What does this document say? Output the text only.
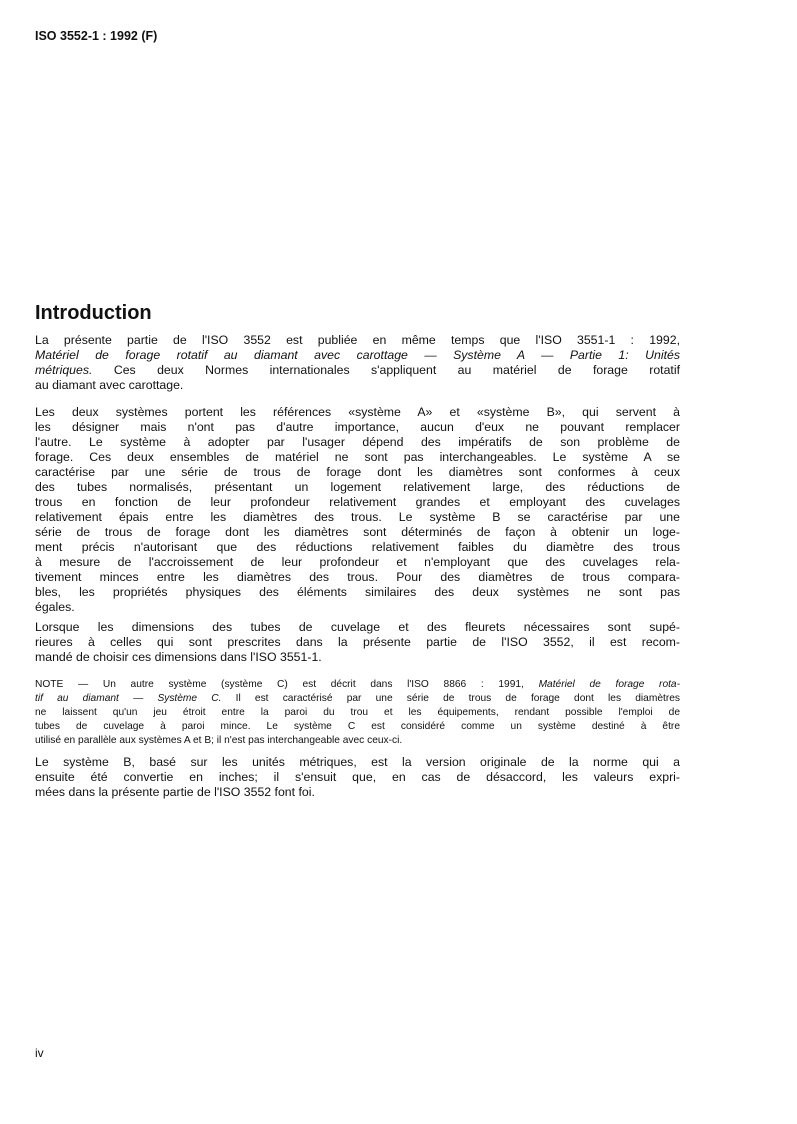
ISO 3552-1 : 1992 (F)
Introduction
La présente partie de l'ISO 3552 est publiée en même temps que l'ISO 3551-1 : 1992,
Matériel de forage rotatif au diamant avec carottage — Système A — Partie 1: Unités
métriques. Ces deux Normes internationales s'appliquent au matériel de forage rotatif
au diamant avec carottage.
Les deux systèmes portent les références «système A» et «système B», qui servent à
les désigner mais n'ont pas d'autre importance, aucun d'eux ne pouvant remplacer
l'autre. Le système à adopter par l'usager dépend des impératifs de son problème de
forage. Ces deux ensembles de matériel ne sont pas interchangeables. Le système A se
caractérise par une série de trous de forage dont les diamètres sont conformes à ceux
des tubes normalisés, présentant un logement relativement large, des réductions de
trous en fonction de leur profondeur relativement grandes et employant des cuvelages
relativement épais entre les diamètres des trous. Le système B se caractérise par une
série de trous de forage dont les diamètres sont déterminés de façon à obtenir un loge-
ment précis n'autorisant que des réductions relativement faibles du diamètre des trous
à mesure de l'accroissement de leur profondeur et n'employant que des cuvelages rela-
tivement minces entre les diamètres des trous. Pour des diamètres de trous compara-
bles, les propriétés physiques des éléments similaires des deux systèmes ne sont pas
égales.
Lorsque les dimensions des tubes de cuvelage et des fleurets nécessaires sont supé-
rieures à celles qui sont prescrites dans la présente partie de l'ISO 3552, il est recom-
mandé de choisir ces dimensions dans l'ISO 3551-1.
NOTE — Un autre système (système C) est décrit dans l'ISO 8866 : 1991, Matériel de forage rota-
tif au diamant — Système C. Il est caractérisé par une série de trous de forage dont les diamètres
ne laissent qu'un jeu étroit entre la paroi du trou et les équipements, rendant possible l'emploi de
tubes de cuvelage à paroi mince. Le système C est considéré comme un système destiné à être
utilisé en parallèle aux systèmes A et B; il n'est pas interchangeable avec ceux-ci.
Le système B, basé sur les unités métriques, est la version originale de la norme qui a
ensuite été convertie en inches; il s'ensuit que, en cas de désaccord, les valeurs expri-
mées dans la présente partie de l'ISO 3552 font foi.
iv
